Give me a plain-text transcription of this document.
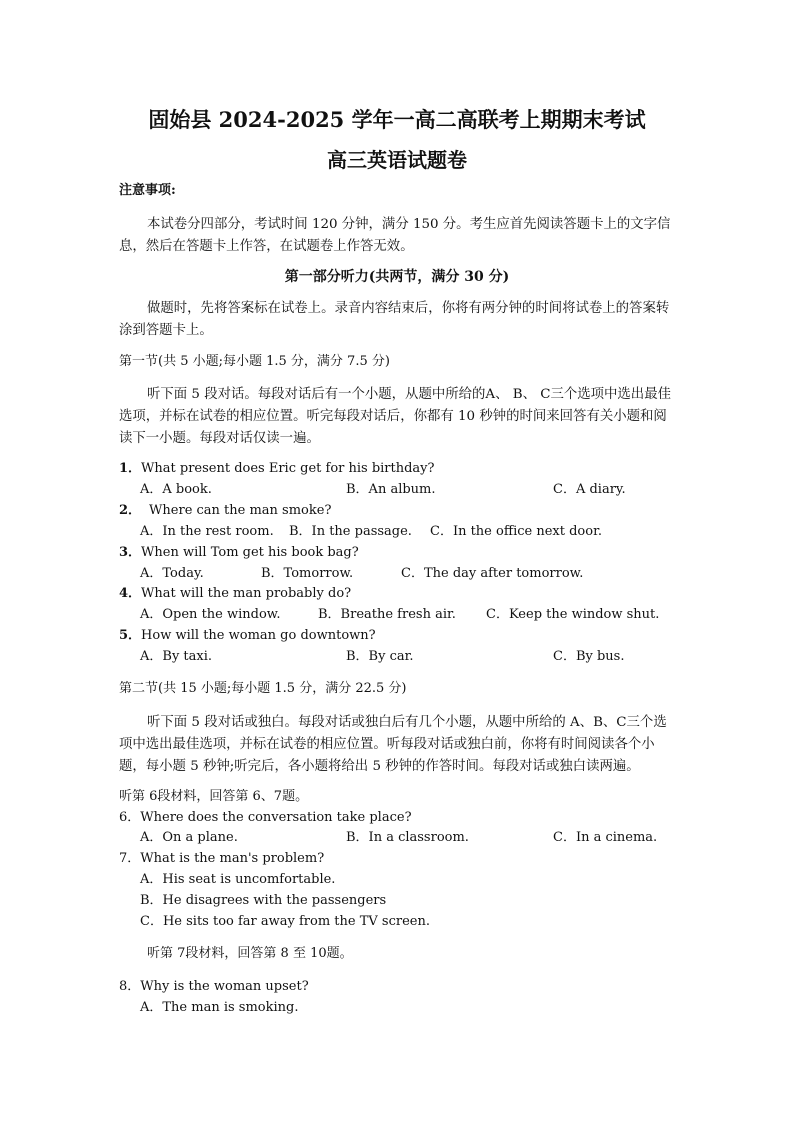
固始县 2024-2025 学年一高二高联考上期期末考试
高三英语试题卷
注意事项:
本试卷分四部分，考试时间 120 分钟，满分 150 分。考生应首先阅读答题卡上的文字信息，然后在答题卡上作答，在试题卷上作答无效。
第一部分听力(共两节，满分 30 分)
做题时，先将答案标在试卷上。录音内容结束后，你将有两分钟的时间将试卷上的答案转涂到答题卡上。
第一节(共 5 小题;每小题 1.5 分，满分 7.5 分)
听下面 5 段对话。每段对话后有一个小题，从题中所给的A、 B、 C三个选项中选出最佳选项，并标在试卷的相应位置。听完每段对话后，你都有 10 秒钟的时间来回答有关小题和阅读下一小题。每段对话仅读一遍。
1．What present does Eric get for his birthday?
A．A book.	B．An album.	C．A diary.
2． Where can the man smoke?
A．In the rest room. B．In the passage. C．In the office next door.
3．When will Tom get his book bag?
A．Today.	B．Tomorrow.	C．The day after tomorrow.
4．What will the man probably do?
A．Open the window.	B．Breathe fresh air. C．Keep the window shut.
5．How will the woman go downtown?
A．By taxi.	B．By car.	C．By bus.
第二节(共 15 小题;每小题 1.5 分，满分 22.5 分)
听下面 5 段对话或独白。每段对话或独白后有几个小题，从题中所给的 A、B、C三个选项中选出最佳选项，并标在试卷的相应位置。听每段对话或独白前，你将有时间阅读各个小题，每小题 5 秒钟;听完后，各小题将给出 5 秒钟的作答时间。每段对话或独白读两遍。
听第 6段材料，回答第 6、7题。
6．Where does the conversation take place?
A．On a plane.	B．In a classroom.	C．In a cinema.
7．What is the man's problem?
A．His seat is uncomfortable.
B．He disagrees with the passengers
C．He sits too far away from the TV screen.
听第 7段材料，回答第 8 至 10题。
8．Why is the woman upset?
A．The man is smoking.
